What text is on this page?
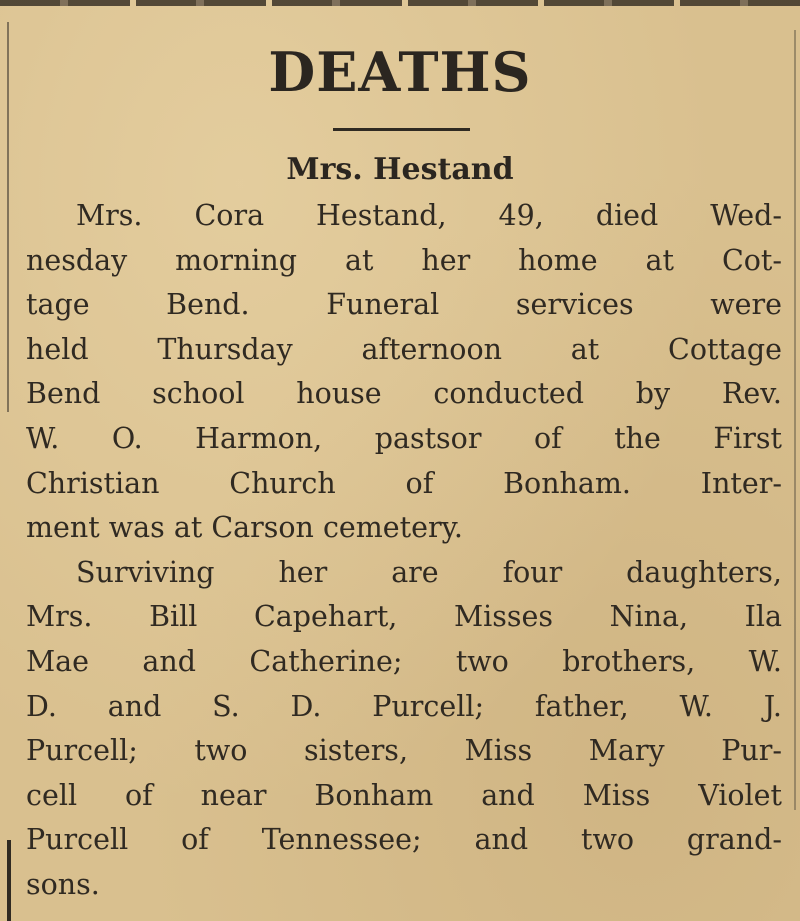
DEATHS
Mrs. Hestand
Mrs. Cora Hestand, 49, died Wed-
nesday morning at her home at Cot-
tage Bend. Funeral services were
held Thursday afternoon at Cottage
Bend school house conducted by Rev.
W. O. Harmon, pastsor of the First
Christian Church of Bonham. Inter-
ment was at Carson cemetery.
Surviving her are four daughters,
Mrs. Bill Capehart, Misses Nina, Ila
Mae and Catherine; two brothers, W.
D. and S. D. Purcell; father, W. J.
Purcell; two sisters, Miss Mary Pur-
cell of near Bonham and Miss Violet
Purcell of Tennessee; and two grand-
sons.
